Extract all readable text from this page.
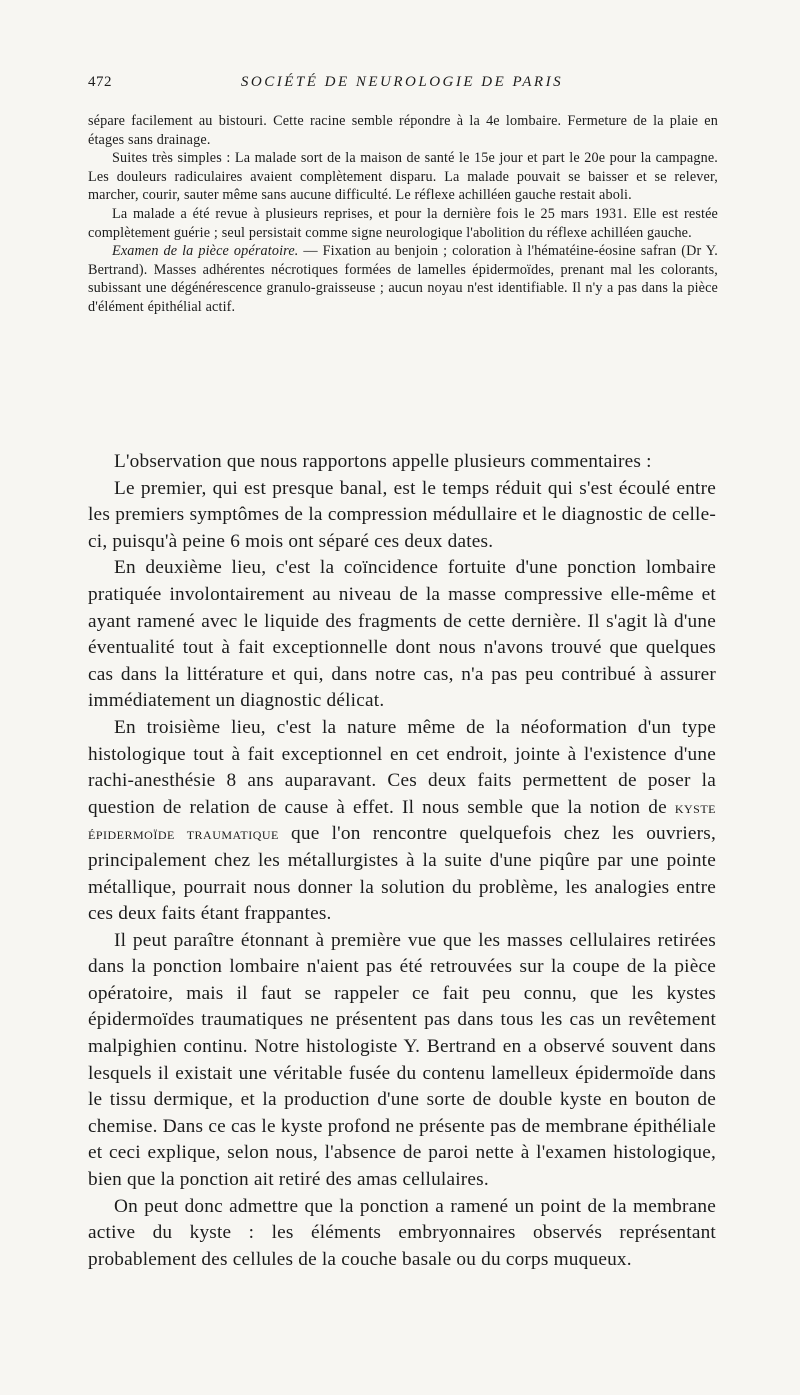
472	SOCIÉTÉ DE NEUROLOGIE DE PARIS

sépare facilement au bistouri. Cette racine semble répondre à la 4e lombaire. Fermeture de la plaie en étages sans drainage.

Suites très simples : La malade sort de la maison de santé le 15e jour et part le 20e pour la campagne. Les douleurs radiculaires avaient complètement disparu. La malade pouvait se baisser et se relever, marcher, courir, sauter même sans aucune difficulté. Le réflexe achilléen gauche restait aboli.

La malade a été revue à plusieurs reprises, et pour la dernière fois le 25 mars 1931. Elle est restée complètement guérie ; seul persistait comme signe neurologique l'abolition du réflexe achilléen gauche.

Examen de la pièce opératoire. — Fixation au benjoin ; coloration à l'hématéine-éosine safran (Dr Y. Bertrand). Masses adhérentes nécrotiques formées de lamelles épidermoïdes, prenant mal les colorants, subissant une dégénérescence granulo-graisseuse ; aucun noyau n'est identifiable. Il n'y a pas dans la pièce d'élément épithélial actif.

L'observation que nous rapportons appelle plusieurs commentaires :

Le premier, qui est presque banal, est le temps réduit qui s'est écoulé entre les premiers symptômes de la compression médullaire et le diagnostic de celle-ci, puisqu'à peine 6 mois ont séparé ces deux dates.

En deuxième lieu, c'est la coïncidence fortuite d'une ponction lombaire pratiquée involontairement au niveau de la masse compressive elle-même et ayant ramené avec le liquide des fragments de cette dernière. Il s'agit là d'une éventualité tout à fait exceptionnelle dont nous n'avons trouvé que quelques cas dans la littérature et qui, dans notre cas, n'a pas peu contribué à assurer immédiatement un diagnostic délicat.

En troisième lieu, c'est la nature même de la néoformation d'un type histologique tout à fait exceptionnel en cet endroit, jointe à l'existence d'une rachi-anesthésie 8 ans auparavant. Ces deux faits permettent de poser la question de relation de cause à effet. Il nous semble que la notion de kyste épidermoïde traumatique que l'on rencontre quelquefois chez les ouvriers, principalement chez les métallurgistes à la suite d'une piqûre par une pointe métallique, pourrait nous donner la solution du problème, les analogies entre ces deux faits étant frappantes.

Il peut paraître étonnant à première vue que les masses cellulaires retirées dans la ponction lombaire n'aient pas été retrouvées sur la coupe de la pièce opératoire, mais il faut se rappeler ce fait peu connu, que les kystes épidermoïdes traumatiques ne présentent pas dans tous les cas un revêtement malpighien continu. Notre histologiste Y. Bertrand en a observé souvent dans lesquels il existait une véritable fusée du contenu lamelleux épidermoïde dans le tissu dermique, et la production d'une sorte de double kyste en bouton de chemise. Dans ce cas le kyste profond ne présente pas de membrane épithéliale et ceci explique, selon nous, l'absence de paroi nette à l'examen histologique, bien que la ponction ait retiré des amas cellulaires.

On peut donc admettre que la ponction a ramené un point de la membrane active du kyste : les éléments embryonnaires observés représentant probablement des cellules de la couche basale ou du corps muqueux.
